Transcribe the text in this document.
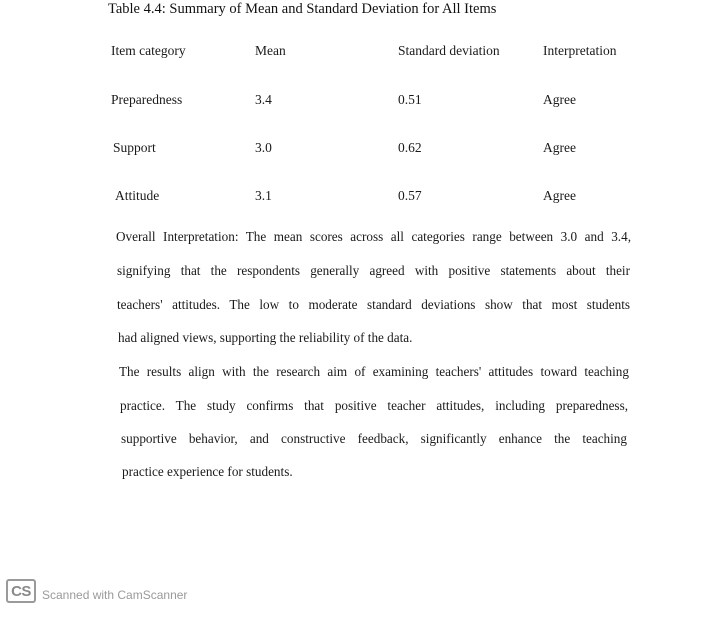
Table 4.4: Summary of Mean and Standard Deviation for All Items
Item category	Mean	Standard deviation	Interpretation
Preparedness	3.4	0.51	Agree
Support	3.0	0.62	Agree
Attitude	3.1	0.57	Agree
Overall Interpretation: The mean scores across all categories range between 3.0 and 3.4,
signifying that the respondents generally agreed with positive statements about their
teachers' attitudes. The low to moderate standard deviations show that most students
had aligned views, supporting the reliability of the data.
The results align with the research aim of examining teachers' attitudes toward teaching
practice. The study confirms that positive teacher attitudes, including preparedness,
supportive behavior, and constructive feedback, significantly enhance the teaching
practice experience for students.
CS Scanned with CamScanner
